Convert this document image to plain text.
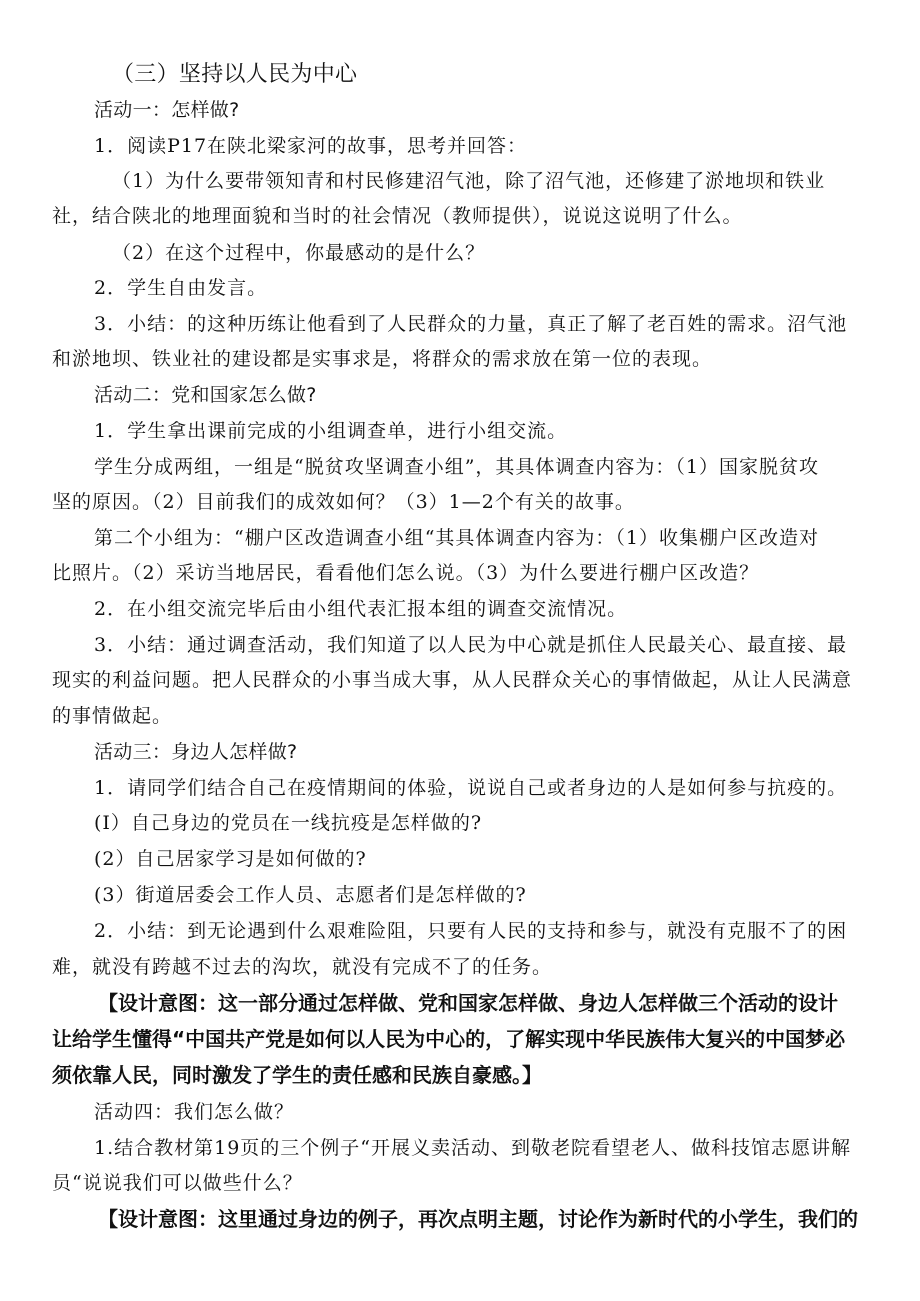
（三）坚持以人民为中心
活动一：怎样做?
1．阅读P17在陕北梁家河的故事，思考并回答：
（1）为什么要带领知青和村民修建沼气池，除了沼气池，还修建了淤地坝和铁业
社，结合陕北的地理面貌和当时的社会情况（教师提供），说说这说明了什么。
（2）在这个过程中，你最感动的是什么？
2．学生自由发言。
3．小结：的这种历练让他看到了人民群众的力量，真正了解了老百姓的需求。沼气池
和淤地坝、铁业社的建设都是实事求是，将群众的需求放在第一位的表现。
活动二：党和国家怎么做?
1．学生拿出课前完成的小组调查单，进行小组交流。
学生分成两组，一组是“脱贫攻坚调查小组”，其具体调查内容为：（1）国家脱贫攻
坚的原因。（2）目前我们的成效如何？（3）1—2个有关的故事。
第二个小组为：“棚户区改造调查小组“其具体调查内容为：（1）收集棚户区改造对
比照片。（2）采访当地居民，看看他们怎么说。（3）为什么要进行棚户区改造？
2．在小组交流完毕后由小组代表汇报本组的调查交流情况。
3．小结：通过调查活动，我们知道了以人民为中心就是抓住人民最关心、最直接、最
现实的利益问题。把人民群众的小事当成大事，从人民群众关心的事情做起，从让人民满意
的事情做起。
活动三：身边人怎样做?
1．请同学们结合自己在疫情期间的体验，说说自己或者身边的人是如何参与抗疫的。
(I）自己身边的党员在一线抗疫是怎样做的?
(2）自己居家学习是如何做的?
(3）街道居委会工作人员、志愿者们是怎样做的?
2．小结：到无论遇到什么艰难险阻，只要有人民的支持和参与，就没有克服不了的困
难，就没有跨越不过去的沟坎，就没有完成不了的任务。
【设计意图：这一部分通过怎样做、党和国家怎样做、身边人怎样做三个活动的设计
让给学生懂得“中国共产党是如何以人民为中心的，了解实现中华民族伟大复兴的中国梦必
须依靠人民，同时激发了学生的责任感和民族自豪感。】
活动四：我们怎么做？
1.结合教材第19页的三个例子“开展义卖活动、到敬老院看望老人、做科技馆志愿讲解
员“说说我们可以做些什么？
【设计意图：这里通过身边的例子，再次点明主题，讨论作为新时代的小学生，我们的
